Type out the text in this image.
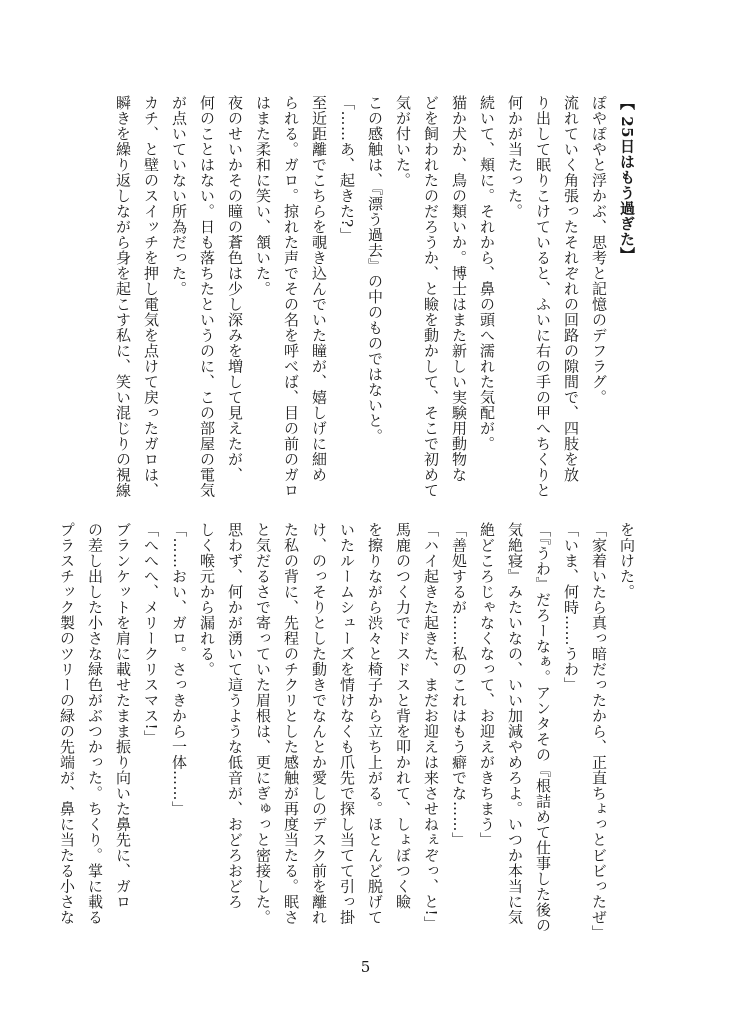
【 25日はもう過ぎた】
ぽやぽやと浮かぶ、思考と記憶のデフラグ。
流れていく角張ったそれぞれの回路の隙間で、四肢を放
り出して眠りこけていると、ふいに右の手の甲へちくりと
何かが当たった。
続いて、頬に。それから、鼻の頭へ濡れた気配が。
猫か犬か、鳥の類いか。博士はまた新しい実験用動物な
どを飼われたのだろうか、と瞼を動かして、そこで初めて
気が付いた。
この感触は、『漂う過去』の中のものではないと。
「……あ、起きた?」
至近距離でこちらを覗き込んでいた瞳が、嬉しげに細め
られる。ガロ。掠れた声でその名を呼べば、目の前のガロ
はまた柔和に笑い、頷いた。
夜のせいかその瞳の蒼色は少し深みを増して見えたが、
何のことはない。日も落ちたというのに、この部屋の電気
が点いていない所為だった。
カチ、と壁のスイッチを押し電気を点けて戻ったガロは、
瞬きを繰り返しながら身を起こす私に、笑い混じりの視線
を向けた。
「家着いたら真っ暗だったから、正直ちょっとビビったぜ」
「いま、何時……うわ」
「『うわ』だろーなぁ。アンタその『根詰めて仕事した後の
気絶寝』みたいなの、いい加減やめろよ。いつか本当に気
絶どころじゃなくなって、お迎えがきちまう」
「善処するが……私のこれはもう癖でな……」
「ハイ起きた起きた、まだお迎えは来させねぇぞっ、と!」
馬鹿のつく力でドスドスと背を叩かれて、しょぼつく瞼
を擦りながら渋々と椅子から立ち上がる。ほとんど脱げて
いたルームシューズを情けなくも爪先で探し当てて引っ掛
け、のっそりとした動きでなんとか愛しのデスク前を離れ
た私の背に、先程のチクリとした感触が再度当たる。眠さ
と気だるさで寄っていた眉根は、更にぎゅっと密接した。
思わず、何かが湧いて這うような低音が、おどろおどろ
しく喉元から漏れる。
「……おい、ガロ。さっきから一体……」
「へへへ、メリークリスマス!」
ブランケットを肩に載せたまま振り向いた鼻先に、ガロ
の差し出した小さな緑色がぶつかった。ちくり。掌に載る
プラスチック製のツリーの緑の先端が、鼻に当たる小さな
5
